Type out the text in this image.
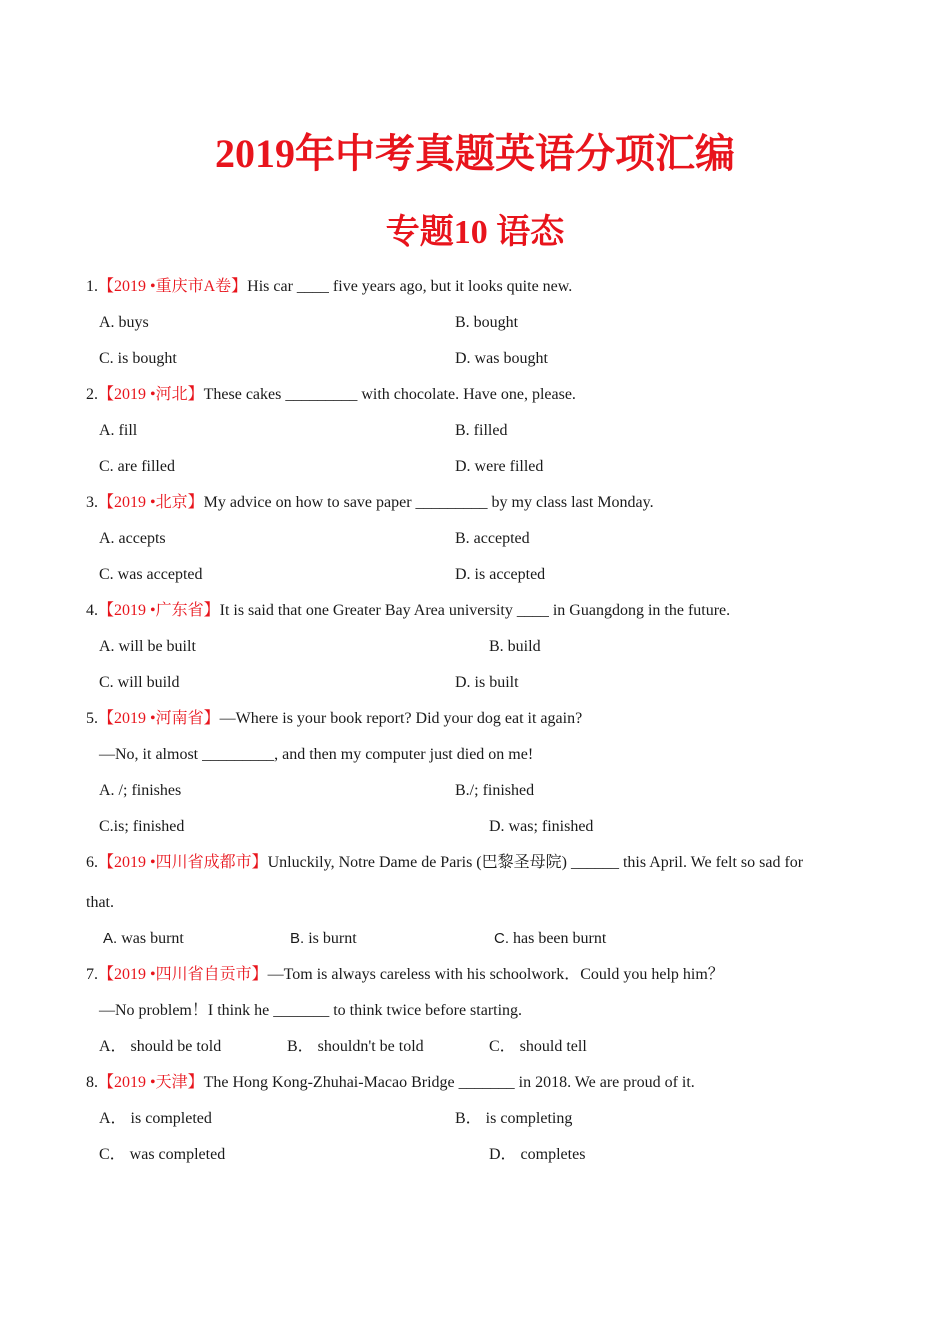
2019年中考真题英语分项汇编
专题10 语态
1.【2019 •重庆市A卷】His car ____ five years ago, but it looks quite new.
A. buys	B. bought
C. is bought	D. was bought
2.【2019 •河北】These cakes _________ with chocolate. Have one, please.
A. fill	B. filled
C. are filled	D. were filled
3.【2019 •北京】My advice on how to save paper _________ by my class last Monday.
A. accepts	B. accepted
C. was accepted	D. is accepted
4.【2019 •广东省】It is said that one Greater Bay Area university ____ in Guangdong in the future.
A. will be built	B. build
C. will build	D. is built
5.【2019 •河南省】—Where is your book report? Did your dog eat it again?
—No, it almost _________, and then my computer just died on me!
A. /; finishes	B./; finished
C.is; finished	D. was; finished
6.【2019 •四川省成都市】Unluckily, Notre Dame de Paris (巴黎圣母院) ______ this April. We felt so sad for
that.
A. was burnt	B. is burnt	C. has been burnt
7.【2019 •四川省自贡市】—Tom is always careless with his schoolwork．Could you help him？
—No problem！I think he _______ to think twice before starting.
A． should be told	B． shouldn't be told	C． should tell
8.【2019 •天津】The Hong Kong-Zhuhai-Macao Bridge _______ in 2018. We are proud of it.
A． is completed	B． is completing
C． was completed	D． completes
